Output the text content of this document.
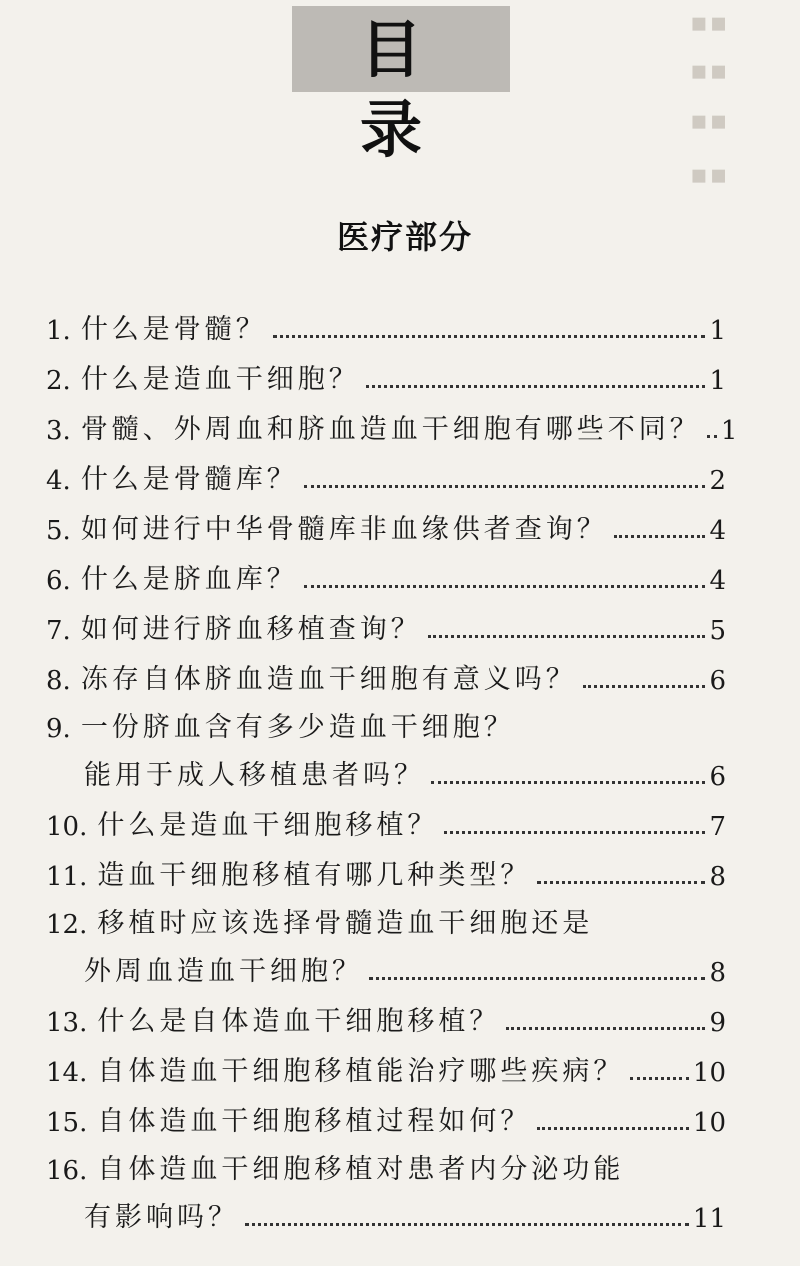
▪▪
▪▪
▪▪
▪▪
目录
医疗部分
1. 什么是骨髓？	1
2. 什么是造血干细胞？	1
3. 骨髓、外周血和脐血造血干细胞有哪些不同？ 1
4. 什么是骨髓库？	2
5. 如何进行中华骨髓库非血缘供者查询？	4
6. 什么是脐血库？	4
7. 如何进行脐血移植查询？	5
8. 冻存自体脐血造血干细胞有意义吗？	6
9. 一份脐血含有多少造血干细胞？
能用于成人移植患者吗？	6
10. 什么是造血干细胞移植？	7
11. 造血干细胞移植有哪几种类型？	8
12. 移植时应该选择骨髓造血干细胞还是
外周血造血干细胞？	8
13. 什么是自体造血干细胞移植？	9
14. 自体造血干细胞移植能治疗哪些疾病？	10
15. 自体造血干细胞移植过程如何？	10
16. 自体造血干细胞移植对患者内分泌功能
有影响吗？	11
